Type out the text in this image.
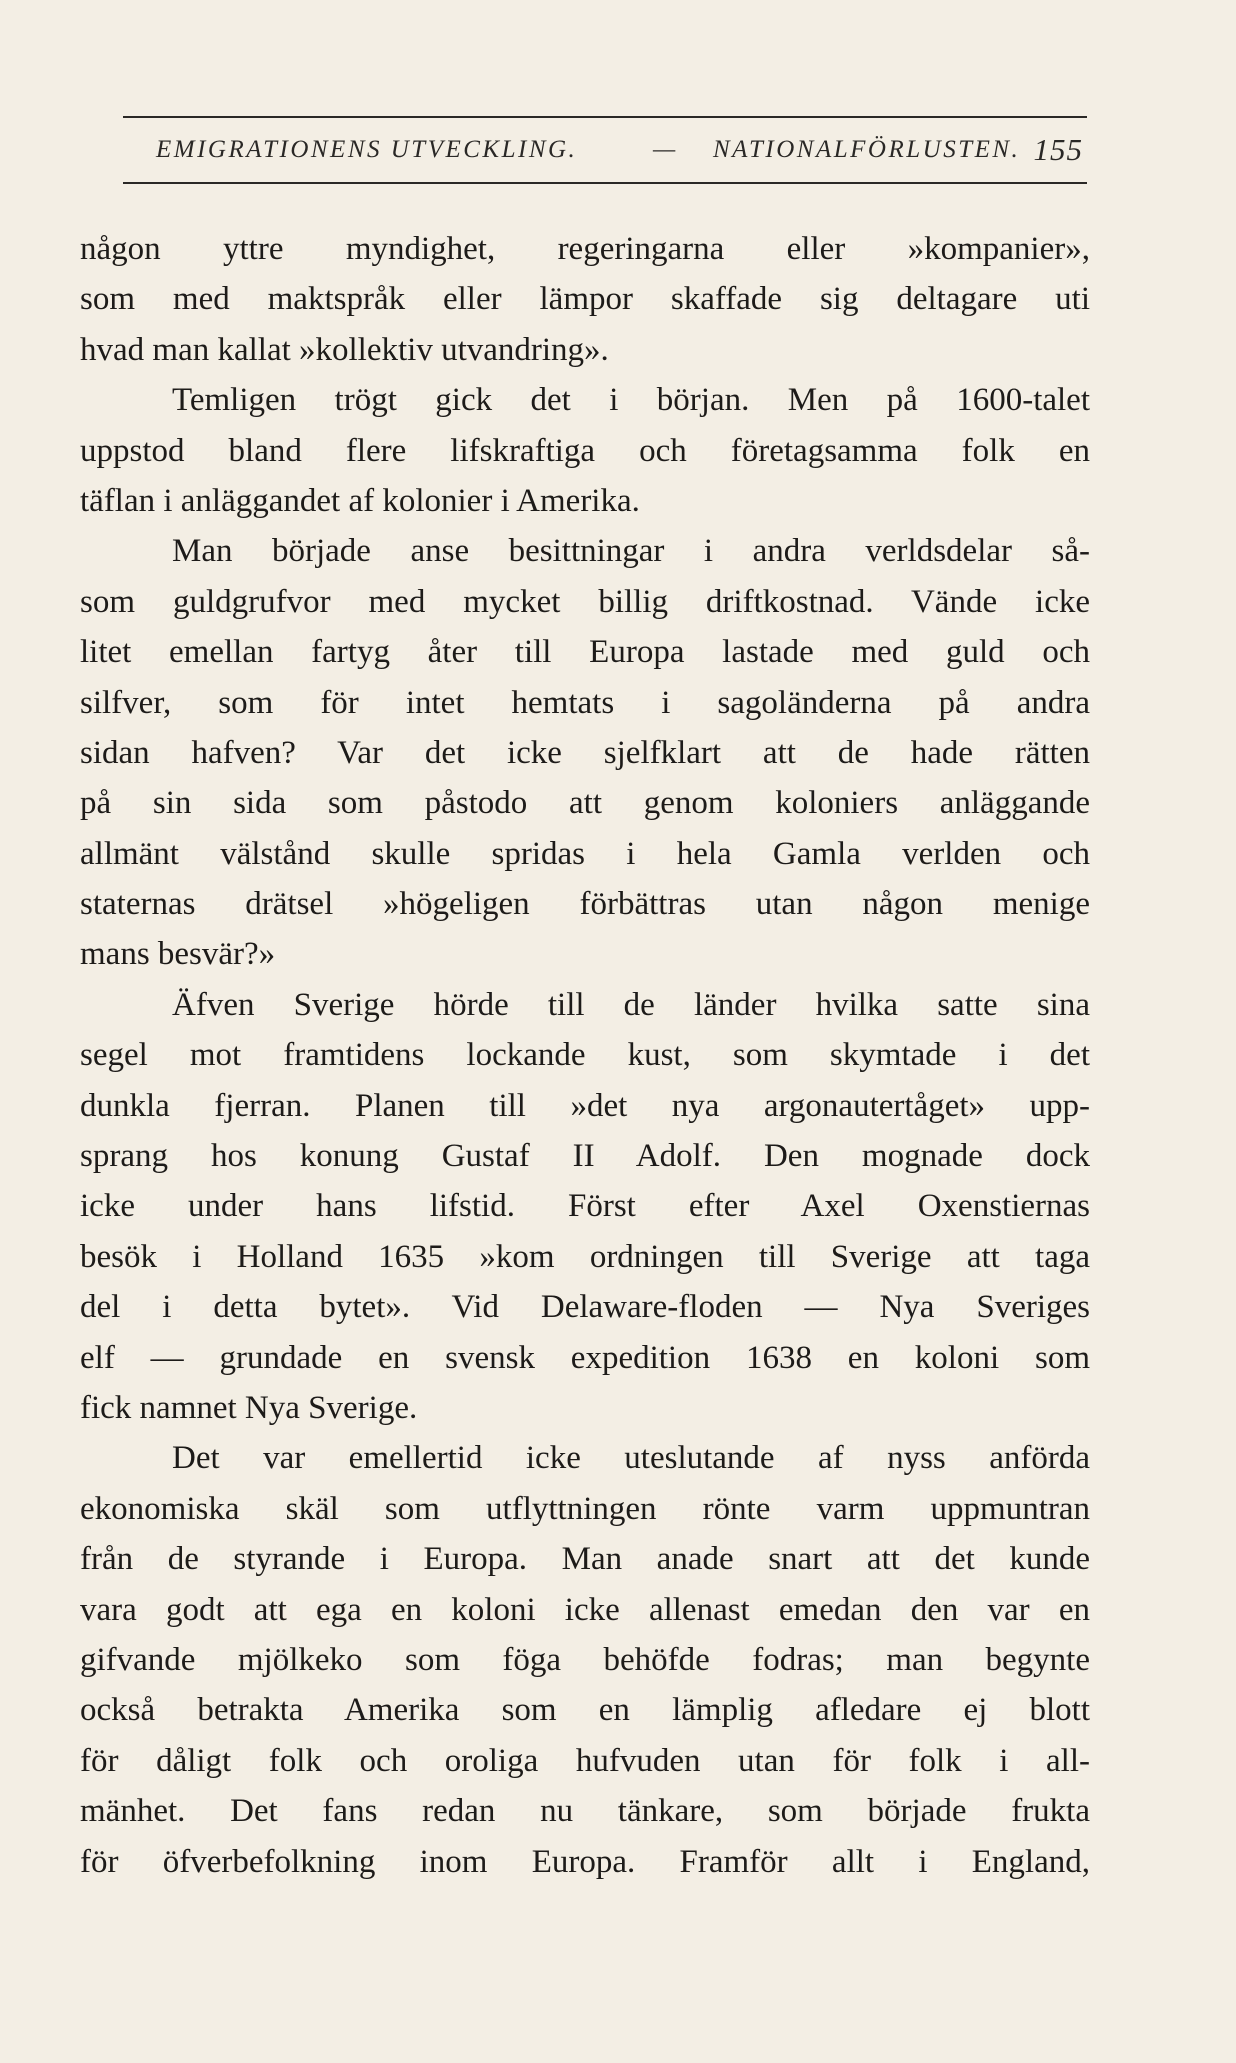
EMIGRATIONENS UTVECKLING.	— NATIONALFÖRLUSTEN. 155
någon yttre myndighet, regeringarna eller »kompanier»,
som med maktspråk eller lämpor skaffade sig deltagare uti
hvad man kallat »kollektiv utvandring».
Temligen trögt gick det i början. Men på 1600-talet
uppstod bland flere lifskraftiga och företagsamma folk en
täflan i anläggandet af kolonier i Amerika.
Man började anse besittningar i andra verldsdelar så-
som guldgrufvor med mycket billig driftkostnad. Vände icke
litet emellan fartyg åter till Europa lastade med guld och
silfver, som för intet hemtats i sagoländerna på andra
sidan hafven? Var det icke sjelfklart att de hade rätten
på sin sida som påstodo att genom koloniers anläggande
allmänt välstånd skulle spridas i hela Gamla verlden och
staternas drätsel »högeligen förbättras utan någon menige
mans besvär?»
Äfven Sverige hörde till de länder hvilka satte sina
segel mot framtidens lockande kust, som skymtade i det
dunkla fjerran. Planen till »det nya argonautertåget» upp-
sprang hos konung Gustaf II Adolf. Den mognade dock
icke under hans lifstid. Först efter Axel Oxenstiernas
besök i Holland 1635 »kom ordningen till Sverige att taga
del i detta bytet». Vid Delaware-floden — Nya Sveriges
elf — grundade en svensk expedition 1638 en koloni som
fick namnet Nya Sverige.
Det var emellertid icke uteslutande af nyss anförda
ekonomiska skäl som utflyttningen rönte varm uppmuntran
från de styrande i Europa. Man anade snart att det kunde
vara godt att ega en koloni icke allenast emedan den var en
gifvande mjölkeko som föga behöfde fodras; man begynte
också betrakta Amerika som en lämplig afledare ej blott
för dåligt folk och oroliga hufvuden utan för folk i all-
mänhet. Det fans redan nu tänkare, som började frukta
för öfverbefolkning inom Europa. Framför allt i England,
